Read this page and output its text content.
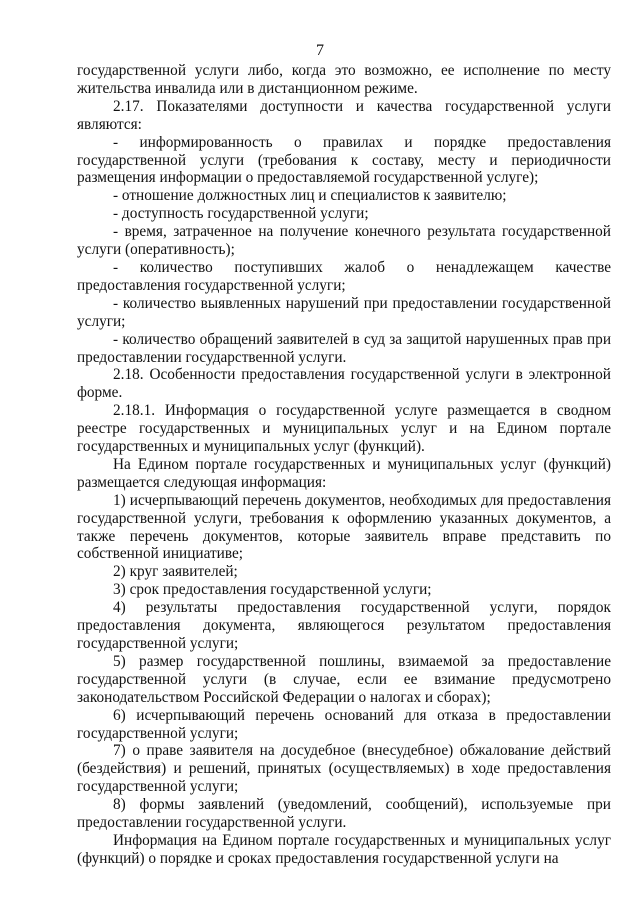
7

государственной услуги либо, когда это возможно, ее исполнение по месту жительства инвалида или в дистанционном режиме.

2.17. Показателями доступности и качества государственной услуги являются:

- информированность о правилах и порядке предоставления государственной услуги (требования к составу, месту и периодичности размещения информации о предоставляемой государственной услуге);

- отношение должностных лиц и специалистов к заявителю;

- доступность государственной услуги;

- время, затраченное на получение конечного результата государственной услуги (оперативность);

- количество поступивших жалоб о ненадлежащем качестве предоставления государственной услуги;

- количество выявленных нарушений при предоставлении государственной услуги;

- количество обращений заявителей в суд за защитой нарушенных прав при предоставлении государственной услуги.

2.18. Особенности предоставления государственной услуги в электронной форме.

2.18.1. Информация о государственной услуге размещается в сводном реестре государственных и муниципальных услуг и на Едином портале государственных и муниципальных услуг (функций).

На Едином портале государственных и муниципальных услуг (функций) размещается следующая информация:

1) исчерпывающий перечень документов, необходимых для предоставления государственной услуги, требования к оформлению указанных документов, а также перечень документов, которые заявитель вправе представить по собственной инициативе;

2) круг заявителей;

3) срок предоставления государственной услуги;

4) результаты предоставления государственной услуги, порядок предоставления документа, являющегося результатом предоставления государственной услуги;

5) размер государственной пошлины, взимаемой за предоставление государственной услуги (в случае, если ее взимание предусмотрено законодательством Российской Федерации о налогах и сборах);

6) исчерпывающий перечень оснований для отказа в предоставлении государственной услуги;

7) о праве заявителя на досудебное (внесудебное) обжалование действий (бездействия) и решений, принятых (осуществляемых) в ходе предоставления государственной услуги;

8) формы заявлений (уведомлений, сообщений), используемые при предоставлении государственной услуги.

Информация на Едином портале государственных и муниципальных услуг (функций) о порядке и сроках предоставления государственной услуги на
